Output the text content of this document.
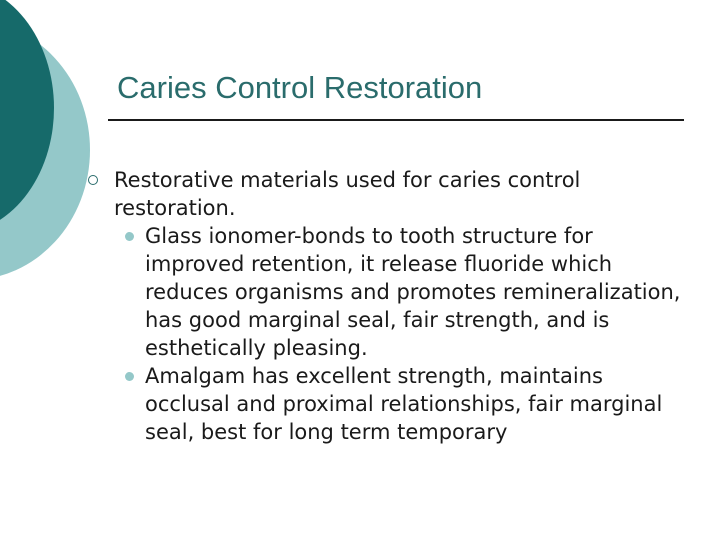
Caries Control Restoration
Restorative materials used for caries control restoration.
Glass ionomer-bonds to tooth structure for improved retention, it release fluoride which reduces organisms and promotes remineralization, has good marginal seal, fair strength, and is esthetically pleasing.
Amalgam has excellent strength, maintains occlusal and proximal relationships, fair marginal seal, best for long term temporary
